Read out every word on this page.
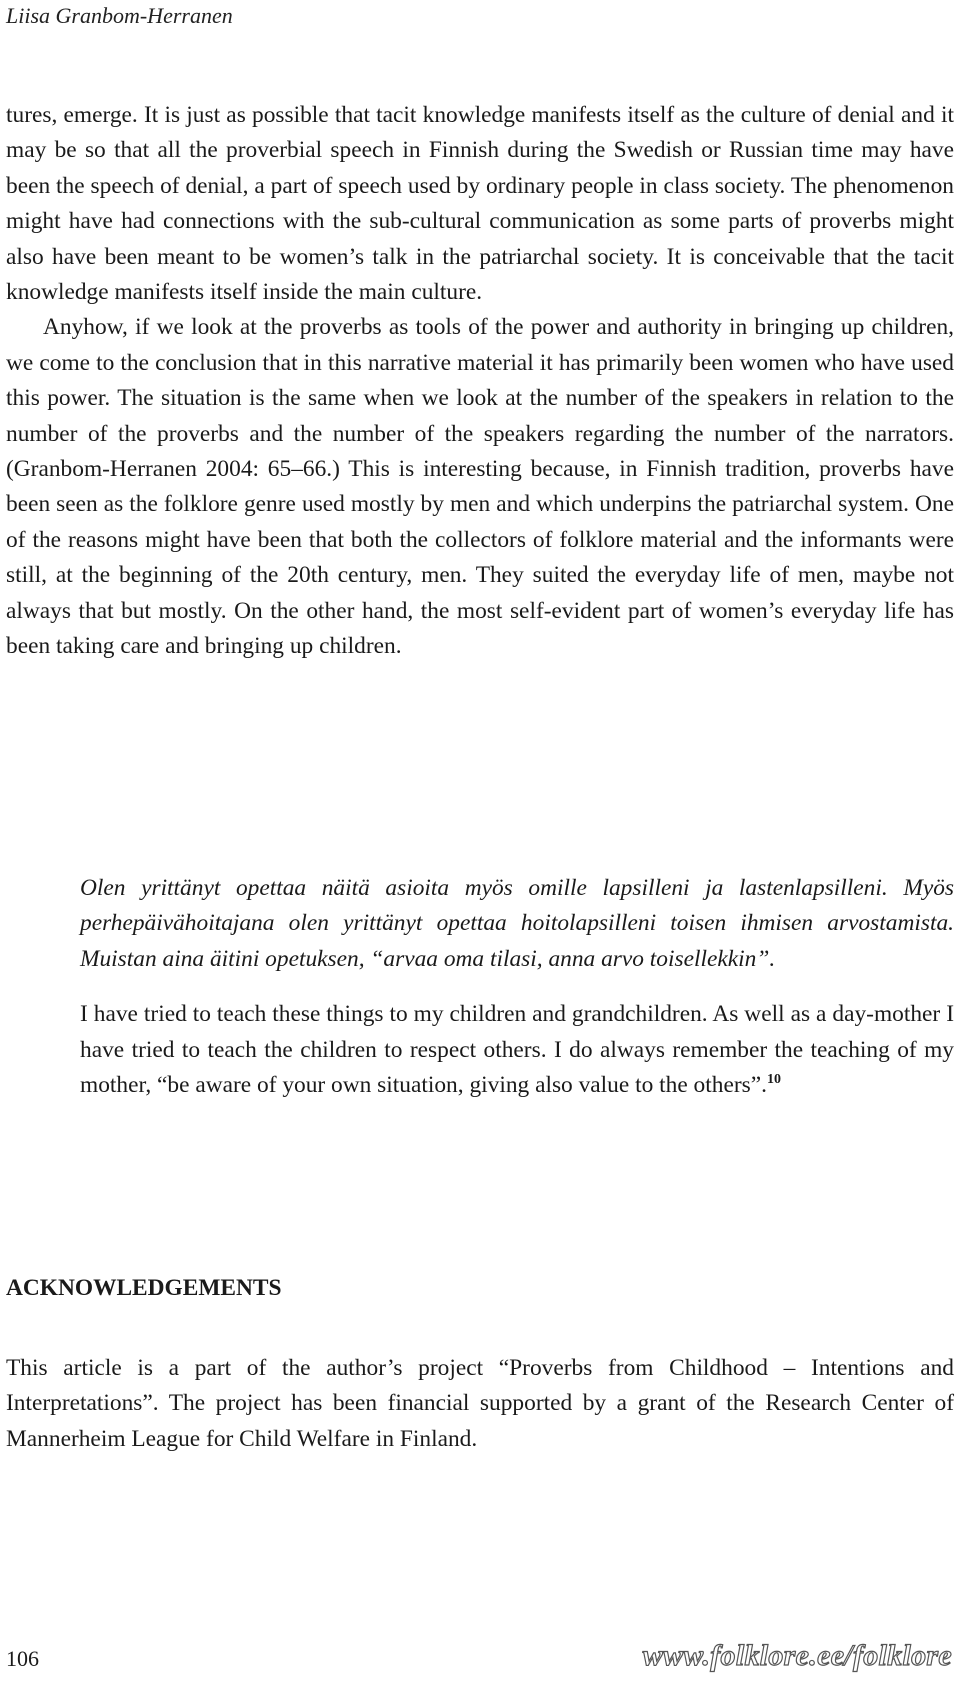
Liisa Granbom-Herranen

tures, emerge. It is just as possible that tacit knowledge manifests itself as the culture of denial and it may be so that all the proverbial speech in Finnish during the Swedish or Russian time may have been the speech of denial, a part of speech used by ordinary people in class society. The phenomenon might have had connections with the sub-cultural communication as some parts of proverbs might also have been meant to be women’s talk in the patriarchal society. It is conceivable that the tacit knowledge manifests itself inside the main culture.

Anyhow, if we look at the proverbs as tools of the power and authority in bringing up children, we come to the conclusion that in this narrative material it has primarily been women who have used this power. The situation is the same when we look at the number of the speakers in relation to the number of the proverbs and the number of the speakers regarding the number of the narrators. (Granbom-Herranen 2004: 65–66.) This is interesting because, in Finnish tradition, proverbs have been seen as the folklore genre used mostly by men and which underpins the patriarchal system. One of the reasons might have been that both the collectors of folklore material and the informants were still, at the beginning of the 20th century, men. They suited the everyday life of men, maybe not always that but mostly. On the other hand, the most self-evident part of women’s everyday life has been taking care and bringing up children.

Olen yrittänyt opettaa näitä asioita myös omille lapsilleni ja lastenlapsilleni. Myös perhepäivähoitajana olen yrittänyt opettaa hoitolapsilleni toisen ihmisen arvostamista. Muistan aina äitini opetuksen, “arvaa oma tilasi, anna arvo toisellekkin”.

I have tried to teach these things to my children and grandchildren. As well as a day-mother I have tried to teach the children to respect others. I do always remember the teaching of my mother, “be aware of your own situation, giving also value to the others”.$^{10}$

ACKNOWLEDGEMENTS

This article is a part of the author’s project “Proverbs from Childhood – Intentions and Interpretations”. The project has been financial supported by a grant of the Research Center of Mannerheim League for Child Welfare in Finland.

106	www.folklore.ee/folklore
